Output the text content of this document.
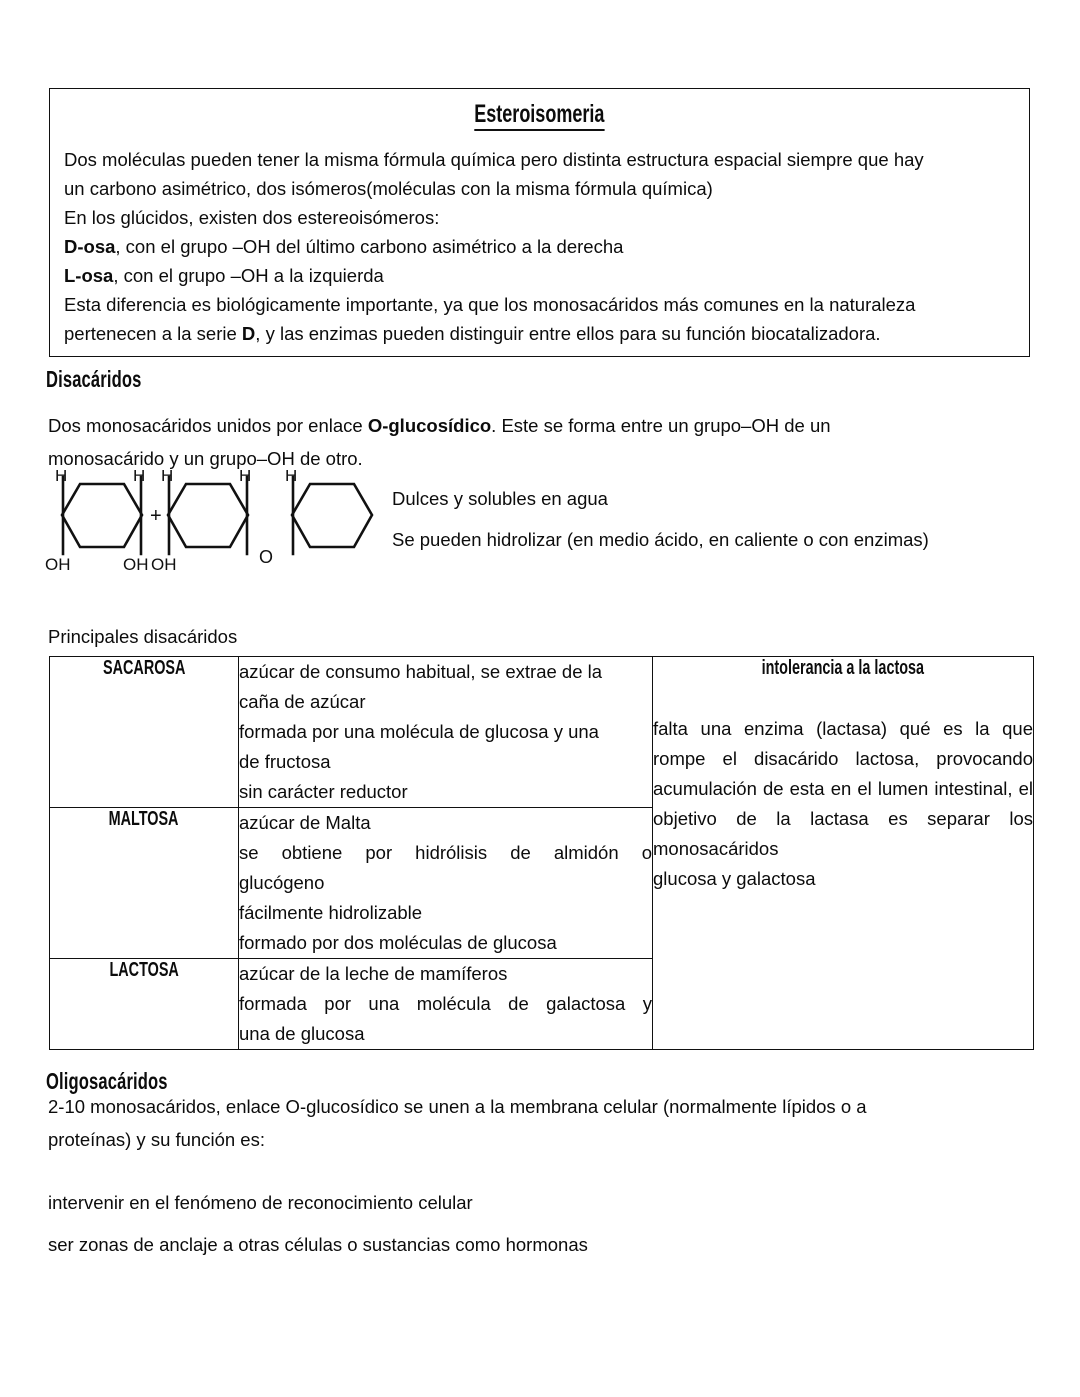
Esteroisomeria
Dos moléculas pueden tener la misma fórmula química pero distinta estructura espacial siempre que hay
un carbono asimétrico, dos isómeros(moléculas con la misma fórmula química)
En los glúcidos, existen dos estereoisómeros:
D-osa, con el grupo –OH del último carbono asimétrico a la derecha
L-osa, con el grupo –OH a la izquierda
Esta diferencia es biológicamente importante, ya que los monosacáridos más comunes en la naturaleza
pertenecen a la serie D, y las enzimas pueden distinguir entre ellos para su función biocatalizadora.
Disacáridos
Dos monosacáridos unidos por enlace O-glucosídico. Este se forma entre un grupo–OH de un
monosacárido y un grupo–OH de otro.
H	H H	H H
OH	OH OH	O
+
Dulces y solubles en agua
Se pueden hidrolizar (en medio ácido, en caliente o con enzimas)
Principales disacáridos
SACAROSA	azúcar de consumo habitual, se extrae de la
caña de azúcar
formada por una molécula de glucosa y una
de fructosa
sin carácter reductor

intolerancia a la lactosa
falta una enzima (lactasa) qué es la que rompe el disacárido lactosa, provocando acumulación de esta en el lumen intestinal, el objetivo de la lactasa es separar los monosacáridos
glucosa y galactosa

MALTOSA	azúcar de Malta
se obtiene por hidrólisis de almidón o
glucógeno
fácilmente hidrolizable
formado por dos moléculas de glucosa	

LACTOSA	azúcar de la leche de mamíferos
formada por una molécula de galactosa y
una de glucosa	
Oligosacáridos
2-10 monosacáridos, enlace O-glucosídico se unen a la membrana celular (normalmente lípidos o a
proteínas) y su función es:
intervenir en el fenómeno de reconocimiento celular
ser zonas de anclaje a otras células o sustancias como hormonas
